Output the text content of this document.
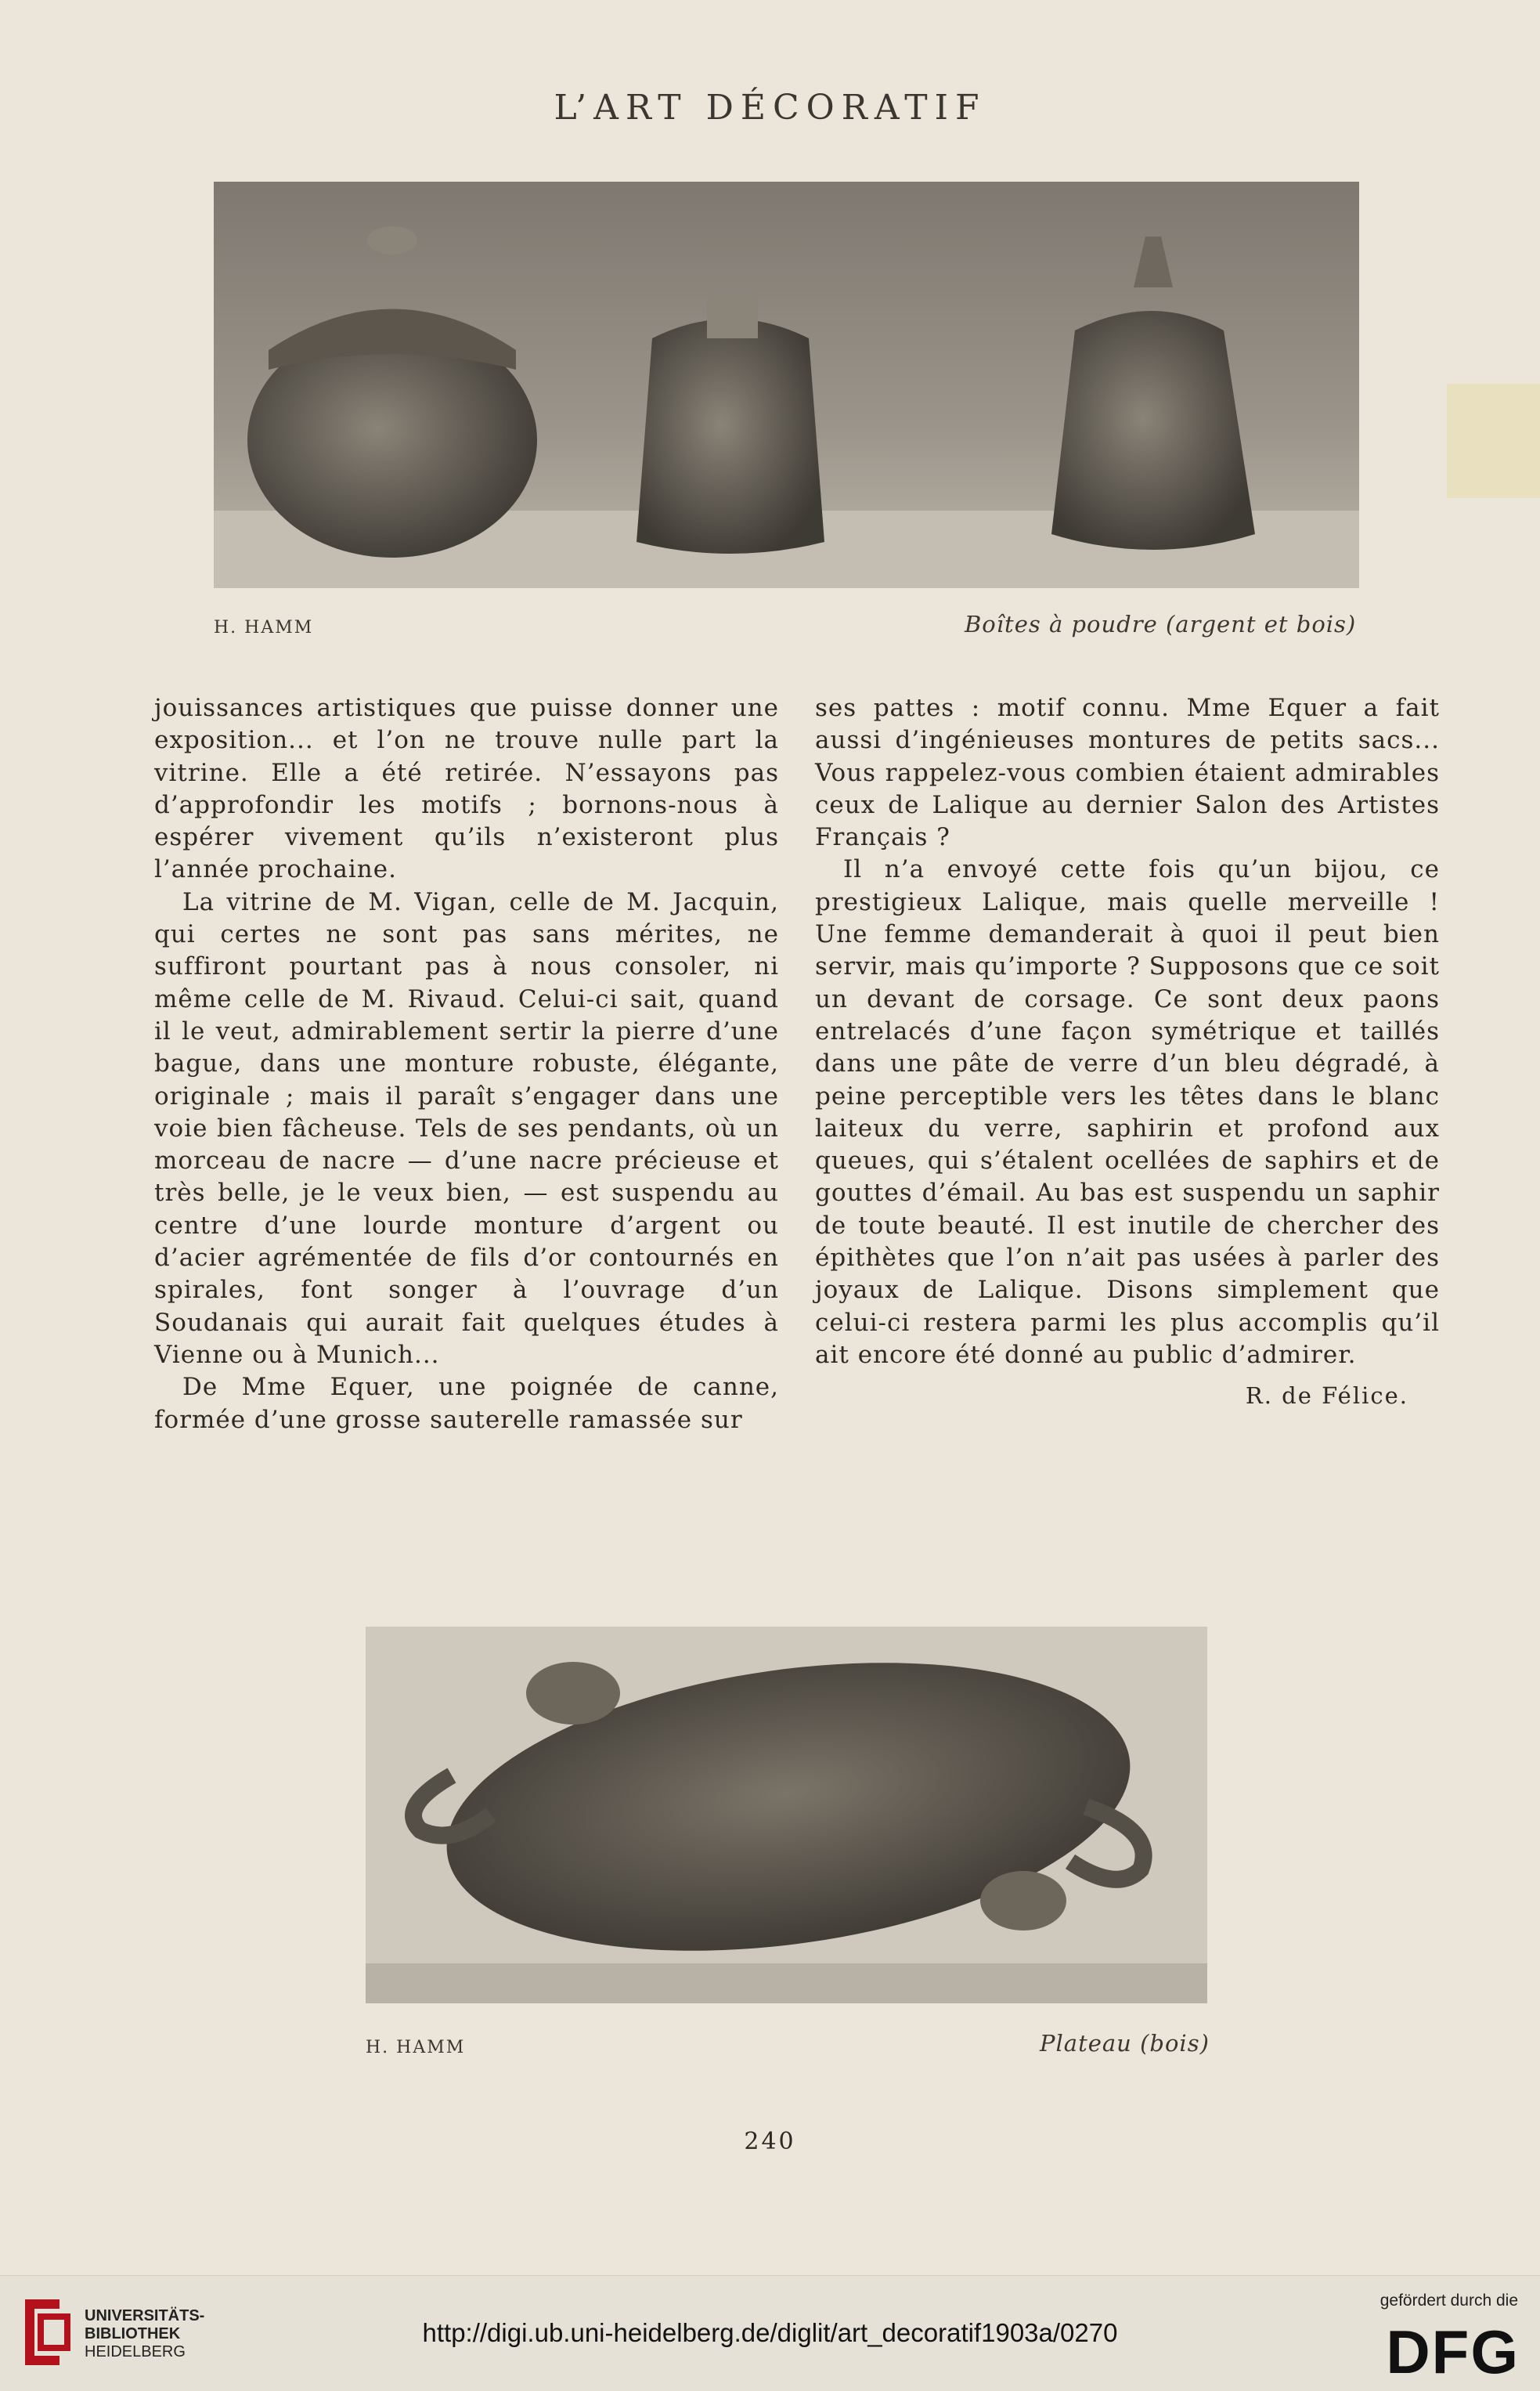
L’ART DÉCORATIF
H. HAMM	Boîtes à poudre (argent et bois)

jouissances artistiques que puisse donner une exposition... et l’on ne trouve nulle part la vitrine. Elle a été retirée. N’essayons pas d’approfondir les motifs ; bornons-nous à espérer vivement qu’ils n’existeront plus l’année prochaine.

La vitrine de M. Vigan, celle de M. Jacquin, qui certes ne sont pas sans mérites, ne suffiront pourtant pas à nous consoler, ni même celle de M. Rivaud. Celui-ci sait, quand il le veut, admirablement sertir la pierre d’une bague, dans une monture robuste, élégante, originale ; mais il paraît s’engager dans une voie bien fâcheuse. Tels de ses pendants, où un morceau de nacre — d’une nacre précieuse et très belle, je le veux bien, — est suspendu au centre d’une lourde monture d’argent ou d’acier agrémentée de fils d’or contournés en spirales, font songer à l’ouvrage d’un Soudanais qui aurait fait quelques études à Vienne ou à Munich...

De Mme Equer, une poignée de canne, formée d’une grosse sauterelle ramassée sur

ses pattes : motif connu. Mme Equer a fait aussi d’ingénieuses montures de petits sacs... Vous rappelez-vous combien étaient admirables ceux de Lalique au dernier Salon des Artistes Français ?

Il n’a envoyé cette fois qu’un bijou, ce prestigieux Lalique, mais quelle merveille ! Une femme demanderait à quoi il peut bien servir, mais qu’importe ? Supposons que ce soit un devant de corsage. Ce sont deux paons entrelacés d’une façon symétrique et taillés dans une pâte de verre d’un bleu dégradé, à peine perceptible vers les têtes dans le blanc laiteux du verre, saphirin et profond aux queues, qui s’étalent ocellées de saphirs et de gouttes d’émail. Au bas est suspendu un saphir de toute beauté. Il est inutile de chercher des épithètes que l’on n’ait pas usées à parler des joyaux de Lalique. Disons simplement que celui-ci restera parmi les plus accomplis qu’il ait encore été donné au public d’admirer.

R. de Félice.
H. HAMM	Plateau (bois)
240
UNIVERSITÄTS-
BIBLIOTHEK
HEIDELBERG
http://digi.ub.uni-heidelberg.de/diglit/art_decoratif1903a/0270
gefördert durch die
DFG
